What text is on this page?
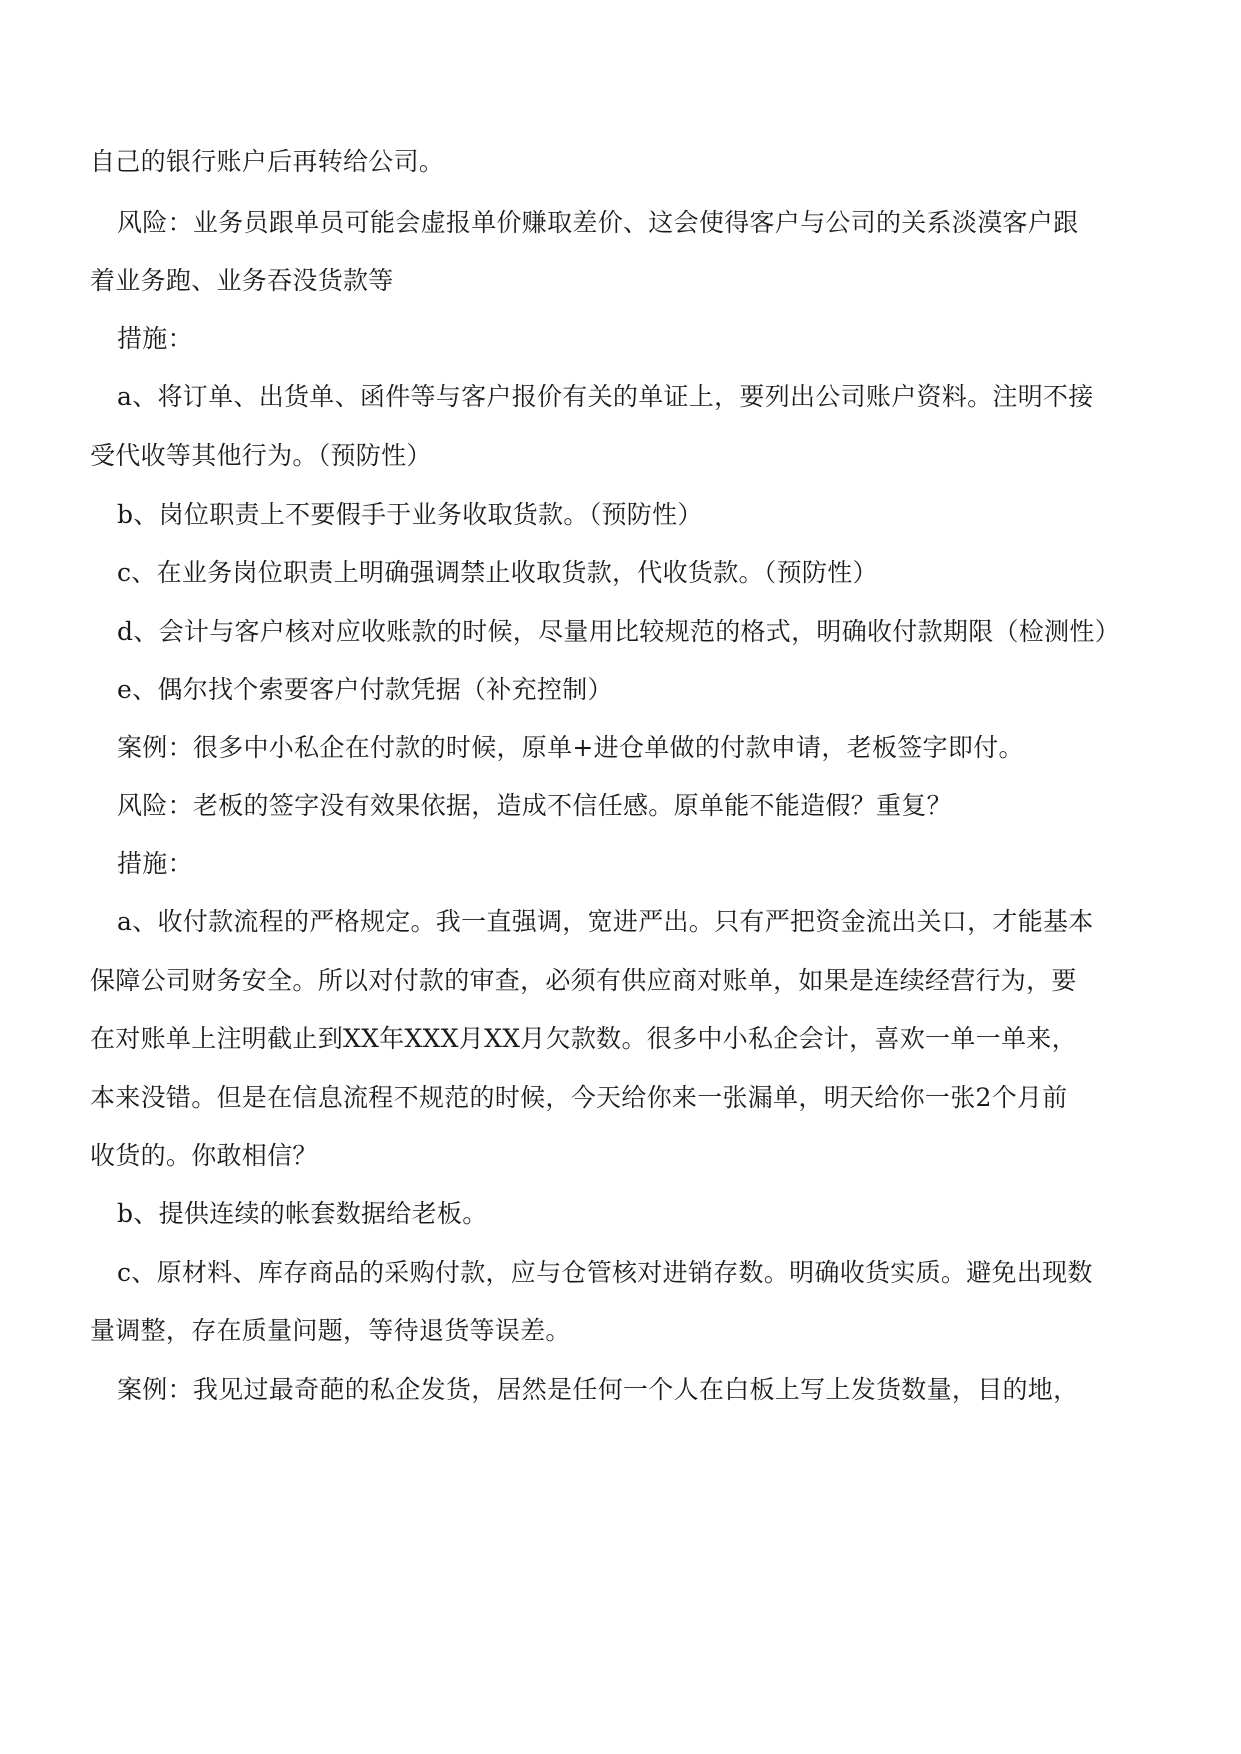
自己的银行账户后再转给公司。
风险：业务员跟单员可能会虚报单价赚取差价、这会使得客户与公司的关系淡漠客户跟
着业务跑、业务吞没货款等
措施：
a、将订单、出货单、函件等与客户报价有关的单证上，要列出公司账户资料。注明不接
受代收等其他行为。（预防性）
b、岗位职责上不要假手于业务收取货款。（预防性）
c、在业务岗位职责上明确强调禁止收取货款，代收货款。（预防性）
d、会计与客户核对应收账款的时候，尽量用比较规范的格式，明确收付款期限（检测性）
e、偶尔找个索要客户付款凭据（补充控制）
案例：很多中小私企在付款的时候，原单+进仓单做的付款申请，老板签字即付。
风险：老板的签字没有效果依据，造成不信任感。原单能不能造假？重复？
措施：
a、收付款流程的严格规定。我一直强调，宽进严出。只有严把资金流出关口，才能基本
保障公司财务安全。所以对付款的审查，必须有供应商对账单，如果是连续经营行为，要
在对账单上注明截止到XX年XXX月XX月欠款数。很多中小私企会计，喜欢一单一单来，
本来没错。但是在信息流程不规范的时候，今天给你来一张漏单，明天给你一张2个月前
收货的。你敢相信？
b、提供连续的帐套数据给老板。
c、原材料、库存商品的采购付款，应与仓管核对进销存数。明确收货实质。避免出现数
量调整，存在质量问题，等待退货等误差。
案例：我见过最奇葩的私企发货，居然是任何一个人在白板上写上发货数量，目的地，
